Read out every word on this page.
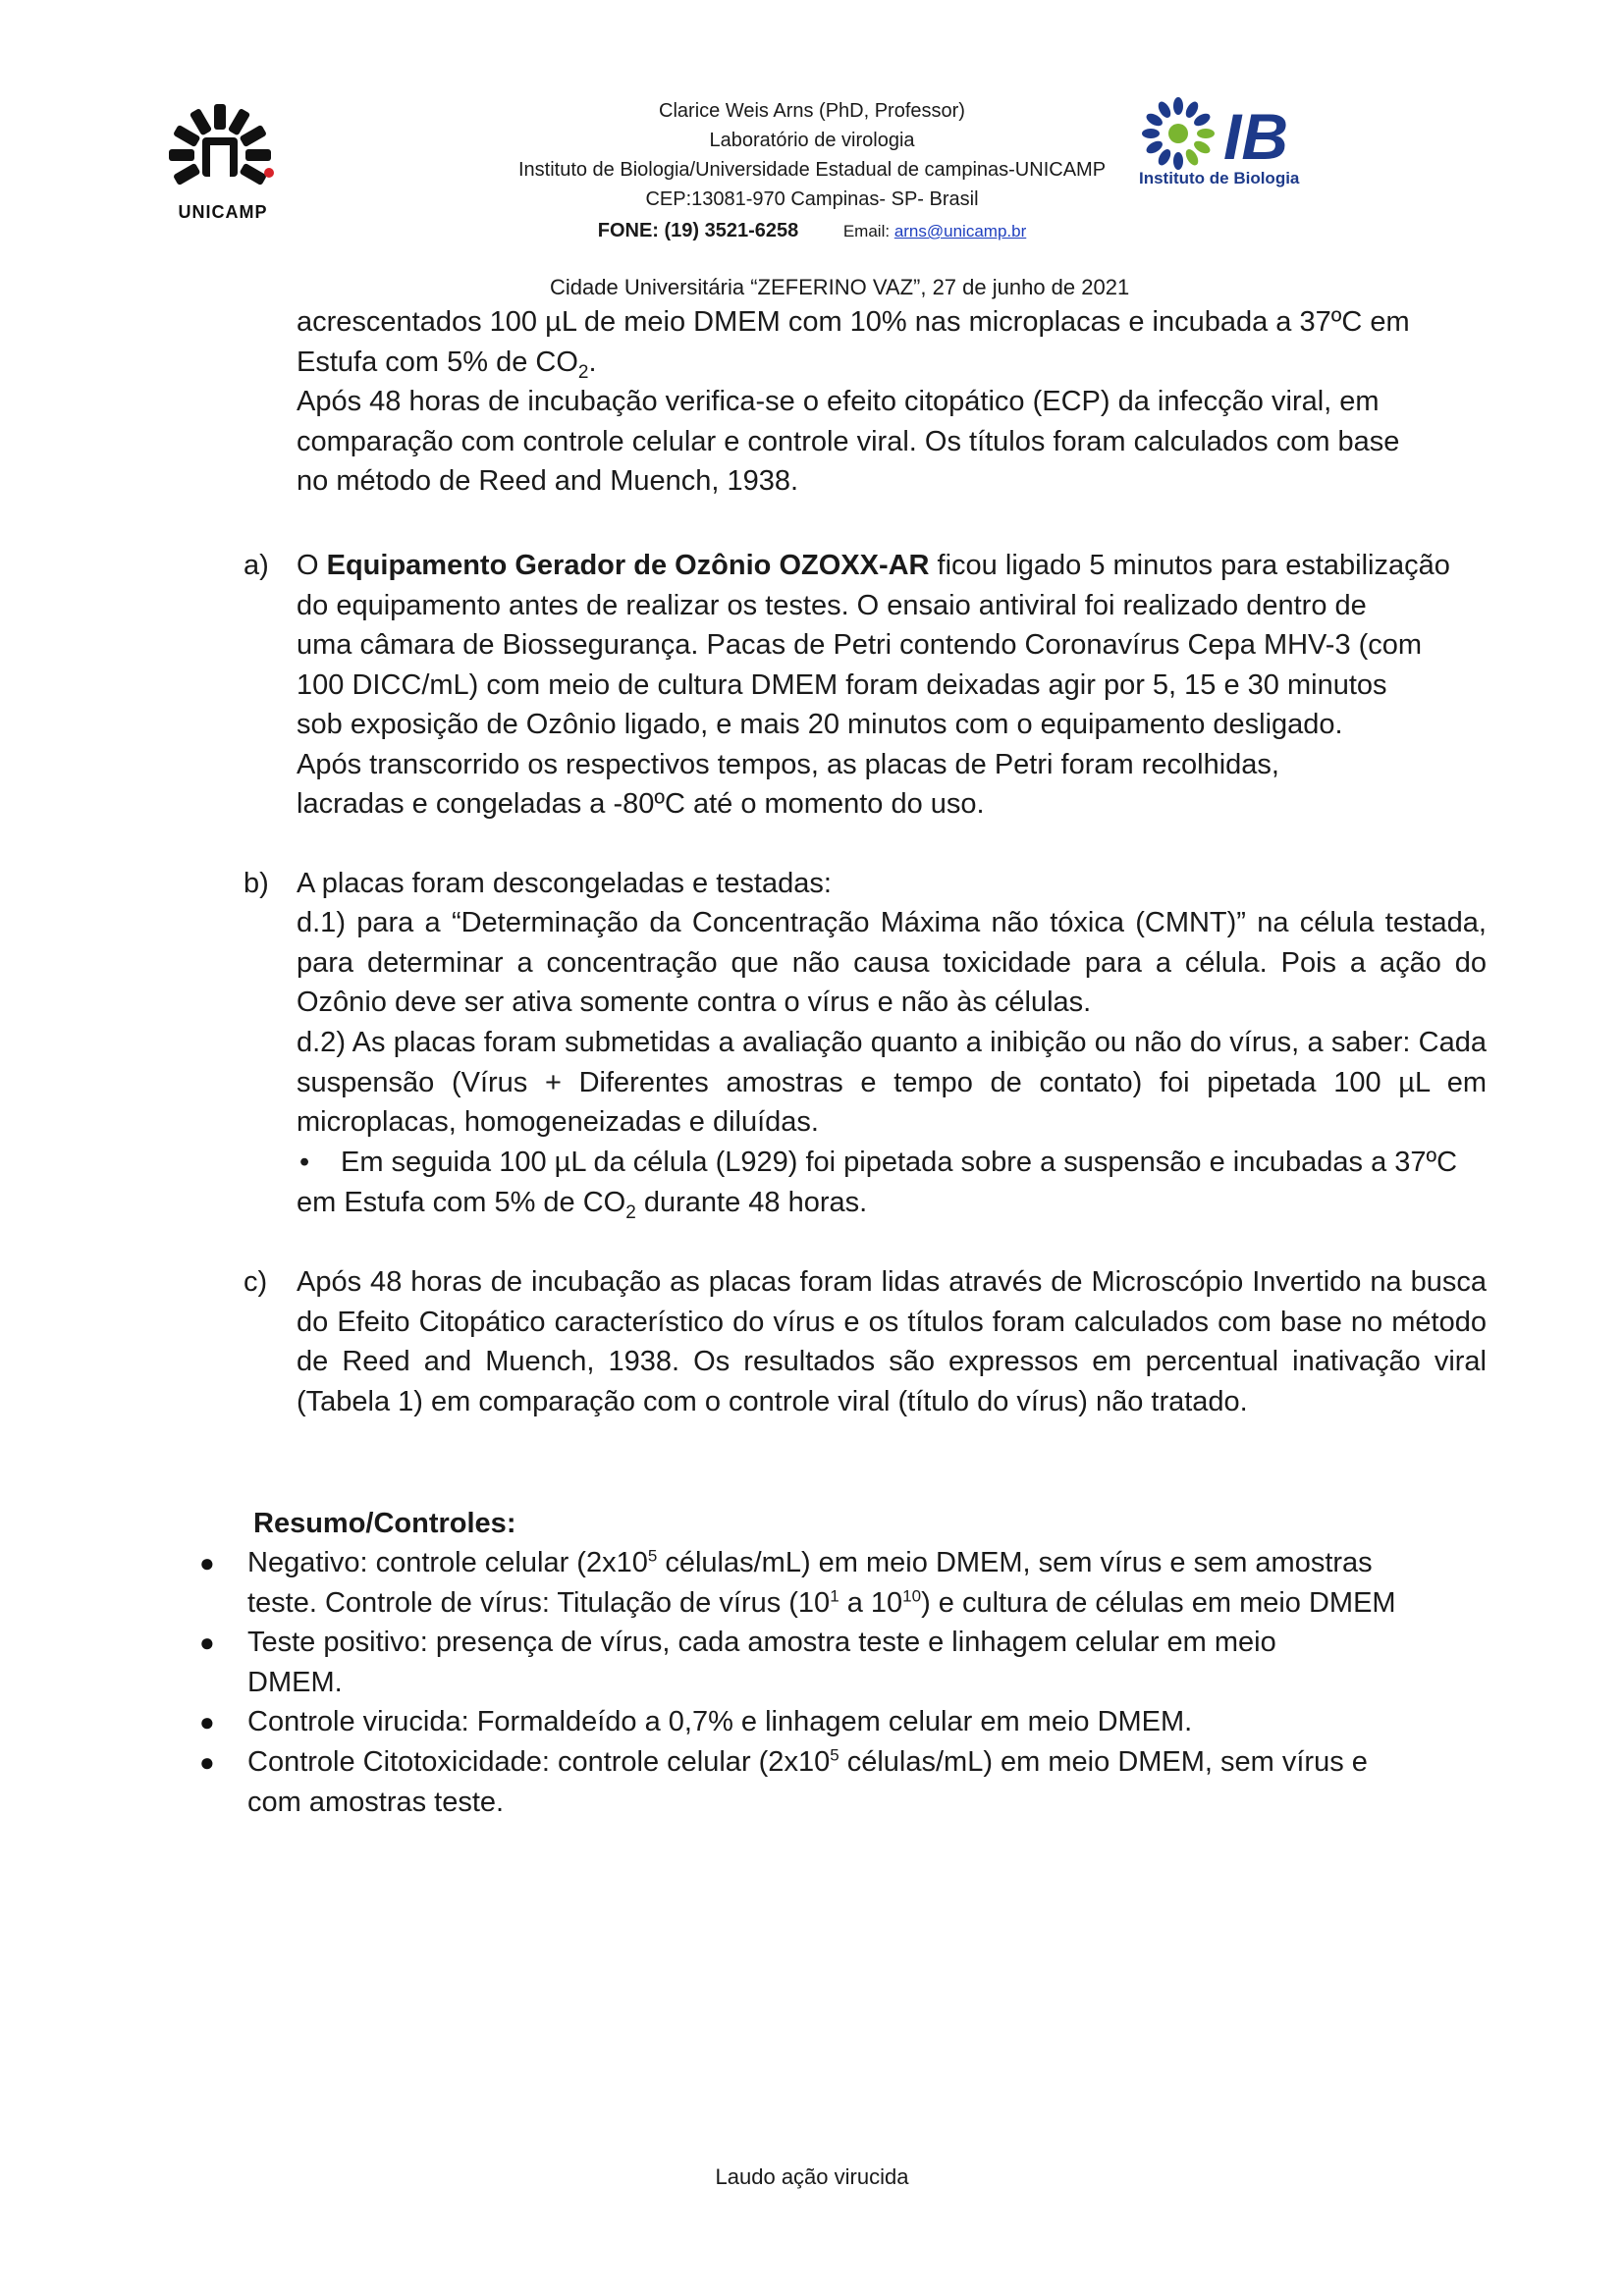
UNICAMP
IB
Instituto de Biologia
Clarice Weis Arns (PhD, Professor)
Laboratório de virologia
Instituto de Biologia/Universidade Estadual de campinas-UNICAMP
CEP:13081-970 Campinas- SP- Brasil
FONE: (19) 3521-6258	Email: arns@unicamp.br
Cidade Universitária “ZEFERINO VAZ”, 27 de junho de 2021
acrescentados 100 µL de meio DMEM com 10% nas microplacas e incubada a 37ºC em
Estufa com 5% de $CO_2$.
Após 48 horas de incubação verifica-se o efeito citopático (ECP) da infecção viral, em
comparação com controle celular e controle viral. Os títulos foram calculados com base
no método de Reed and Muench, 1938.
a) O Equipamento Gerador de Ozônio OZOXX-AR ficou ligado 5 minutos para estabilização
do equipamento antes de realizar os testes. O ensaio antiviral foi realizado dentro de
uma câmara de Biossegurança. Pacas de Petri contendo Coronavírus Cepa MHV-3 (com
100 DICC/mL) com meio de cultura DMEM foram deixadas agir por 5, 15 e 30 minutos
sob exposição de Ozônio ligado, e mais 20 minutos com o equipamento desligado.
Após transcorrido os respectivos tempos, as placas de Petri foram recolhidas,
lacradas e congeladas a -80ºC até o momento do uso.
b) A placas foram descongeladas e testadas:
d.1) para a “Determinação da Concentração Máxima não tóxica (CMNT)” na célula testada, para determinar a concentração que não causa toxicidade para a célula. Pois a ação do Ozônio deve ser ativa somente contra o vírus e não às células.
d.2) As placas foram submetidas a avaliação quanto a inibição ou não do vírus, a saber: Cada suspensão (Vírus + Diferentes amostras e tempo de contato) foi pipetada 100 µL em microplacas, homogeneizadas e diluídas.
•	Em seguida 100 µL da célula (L929) foi pipetada sobre a suspensão e incubadas a 37ºC
em Estufa com 5% de $CO_2$ durante 48 horas.
c) Após 48 horas de incubação as placas foram lidas através de Microscópio Invertido na busca do Efeito Citopático característico do vírus e os títulos foram calculados com base no método de Reed and Muench, 1938. Os resultados são expressos em percentual inativação viral (Tabela 1) em comparação com o controle viral (título do vírus) não tratado.
Resumo/Controles:
● Negativo: controle celular ($2x10^5$ células/mL) em meio DMEM, sem vírus e sem amostras
teste. Controle de vírus: Titulação de vírus ($10^1$ a $10^{10}$) e cultura de células em meio DMEM
● Teste positivo: presença de vírus, cada amostra teste e linhagem celular em meio
DMEM.
● Controle virucida: Formaldeído a 0,7% e linhagem celular em meio DMEM.
● Controle Citotoxicidade: controle celular ($2x10^5$ células/mL) em meio DMEM, sem vírus e
com amostras teste.
Laudo ação virucida
